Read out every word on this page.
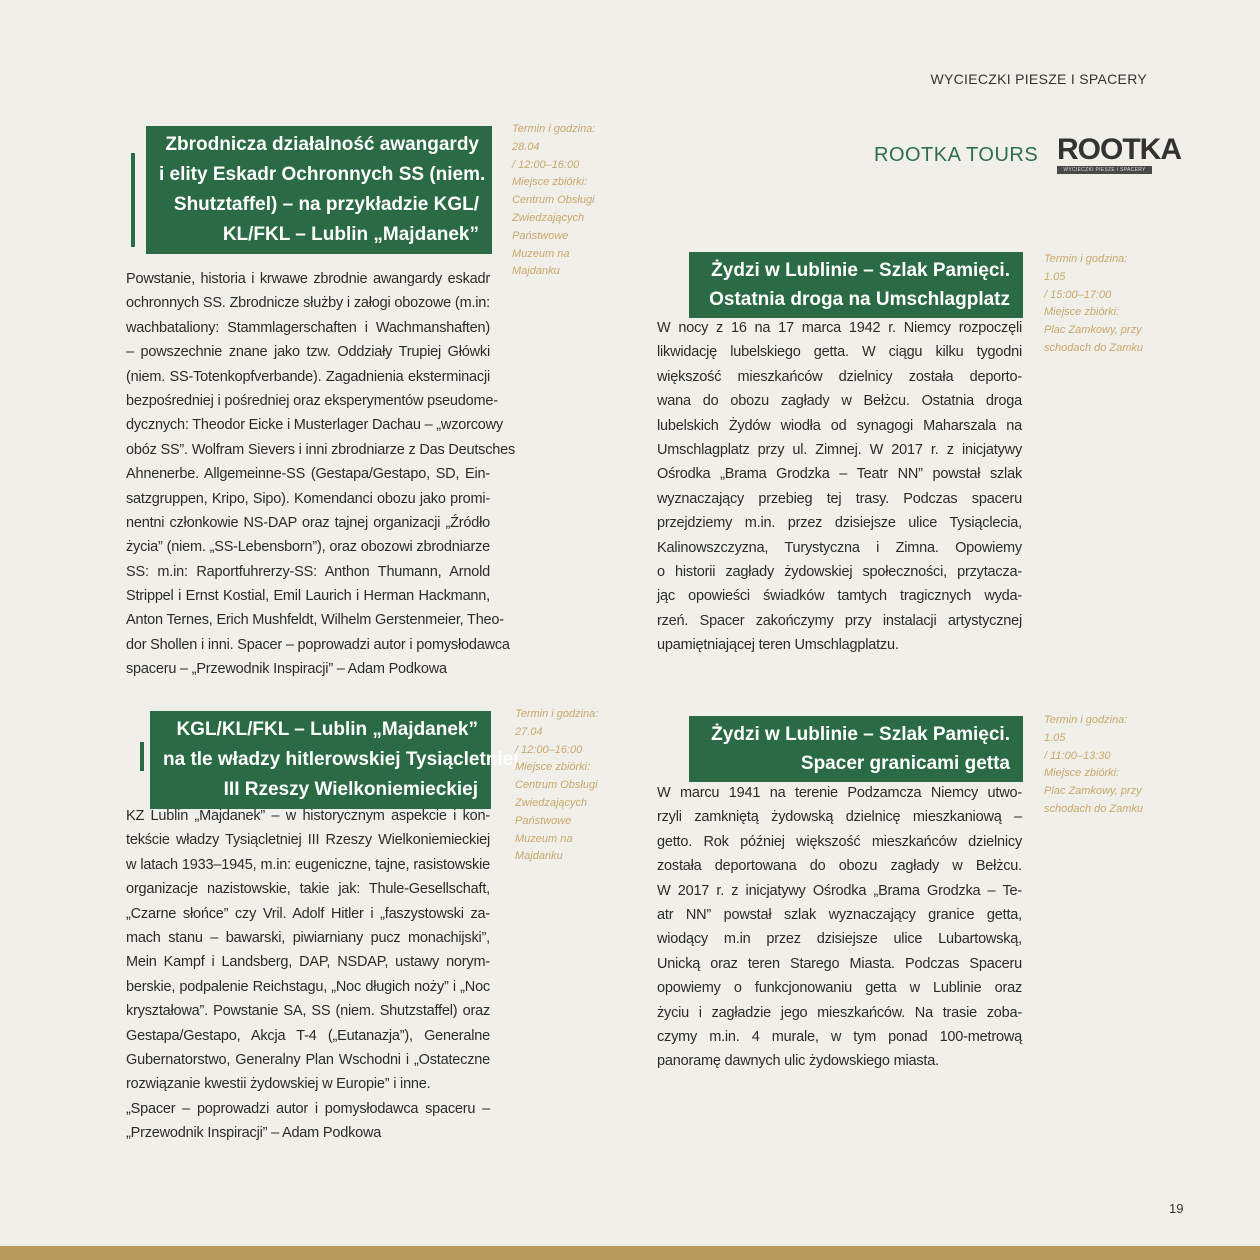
WYCIECZKI PIESZE I SPACERY
ROOTKA TOURS ROOTKA
WYCIECZKI PIESZE I SPACERY
Zbrodnicza działalność awangardy
i elity Eskadr Ochronnych SS (niem.
Shutztaffel) – na przykładzie KGL/
KL/FKL – Lublin „Majdanek”
Termin i godzina:
28.04
/ 12:00–16:00
Miejsce zbiórki:
Centrum Obsługi
Zwiedzających
Państwowe
Muzeum na
Majdanku
Powstanie, historia i krwawe zbrodnie awangardy eskadr
ochronnych SS. Zbrodnicze służby i załogi obozowe (m.in:
wachbataliony: Stammlagerschaften i Wachmanshaften)
– powszechnie znane jako tzw. Oddziały Trupiej Główki
(niem. SS-Totenkopfverbande). Zagadnienia eksterminacji
bezpośredniej i pośredniej oraz eksperymentów pseudome-
dycznych: Theodor Eicke i Musterlager Dachau – „wzorcowy
obóz SS”. Wolfram Sievers i inni zbrodniarze z Das Deutsches
Ahnenerbe. Allgemeinne-SS (Gestapa/Gestapo, SD, Ein-
satzgruppen, Kripo, Sipo). Komendanci obozu jako promi-
nentni członkowie NS-DAP oraz tajnej organizacji „Źródło
życia” (niem. „SS-Lebensborn”), oraz obozowi zbrodniarze
SS: m.in: Raportfuhrerzy-SS: Anthon Thumann, Arnold
Strippel i Ernst Kostial, Emil Laurich i Herman Hackmann,
Anton Ternes, Erich Mushfeldt, Wilhelm Gerstenmeier, Theo-
dor Shollen i inni. Spacer – poprowadzi autor i pomysłodawca
spaceru – „Przewodnik Inspiracji” – Adam Podkowa
KGL/KL/FKL – Lublin „Majdanek”
na tle władzy hitlerowskiej Tysiącletniej
III Rzeszy Wielkoniemieckiej
Termin i godzina:
27.04
/ 12:00–16:00
Miejsce zbiórki:
Centrum Obsługi
Zwiedzających
Państwowe
Muzeum na
Majdanku
KZ Lublin „Majdanek” – w historycznym aspekcie i kon-
tekście władzy Tysiącletniej III Rzeszy Wielkoniemieckiej
w latach 1933–1945, m.in: eugeniczne, tajne, rasistowskie
organizacje nazistowskie, takie jak: Thule-Gesellschaft,
„Czarne słońce” czy Vril. Adolf Hitler i „faszystowski za-
mach stanu – bawarski, piwiarniany pucz monachijski”,
Mein Kampf i Landsberg, DAP, NSDAP, ustawy norym-
berskie, podpalenie Reichstagu, „Noc długich noży” i „Noc
kryształowa”. Powstanie SA, SS (niem. Shutzstaffel) oraz
Gestapa/Gestapo, Akcja T-4 („Eutanazja”), Generalne
Gubernatorstwo, Generalny Plan Wschodni i „Ostateczne
rozwiązanie kwestii żydowskiej w Europie” i inne.
„Spacer – poprowadzi autor i pomysłodawca spaceru –
„Przewodnik Inspiracji” – Adam Podkowa
Żydzi w Lublinie – Szlak Pamięci.
Ostatnia droga na Umschlagplatz
Termin i godzina:
1.05
/ 15:00–17:00
Miejsce zbiórki:
Plac Zamkowy, przy
schodach do Zamku
W nocy z 16 na 17 marca 1942 r. Niemcy rozpoczęli
likwidację lubelskiego getta. W ciągu kilku tygodni
większość mieszkańców dzielnicy została deporto-
wana do obozu zagłady w Bełżcu. Ostatnia droga
lubelskich Żydów wiodła od synagogi Maharszala na
Umschlagplatz przy ul. Zimnej. W 2017 r. z inicjatywy
Ośrodka „Brama Grodzka – Teatr NN” powstał szlak
wyznaczający przebieg tej trasy. Podczas spaceru
przejdziemy m.in. przez dzisiejsze ulice Tysiąclecia,
Kalinowszczyzna, Turystyczna i Zimna. Opowiemy
o historii zagłady żydowskiej społeczności, przytacza-
jąc opowieści świadków tamtych tragicznych wyda-
rzeń. Spacer zakończymy przy instalacji artystycznej
upamiętniającej teren Umschlagplatzu.
Żydzi w Lublinie – Szlak Pamięci.
Spacer granicami getta
Termin i godzina:
1.05
/ 11:00–13:30
Miejsce zbiórki:
Plac Zamkowy, przy
schodach do Zamku
W marcu 1941 na terenie Podzamcza Niemcy utwo-
rzyli zamkniętą żydowską dzielnicę mieszkaniową –
getto. Rok później większość mieszkańców dzielnicy
została deportowana do obozu zagłady w Bełżcu.
W 2017 r. z inicjatywy Ośrodka „Brama Grodzka – Te-
atr NN” powstał szlak wyznaczający granice getta,
wiodący m.in przez dzisiejsze ulice Lubartowską,
Unicką oraz teren Starego Miasta. Podczas Spaceru
opowiemy o funkcjonowaniu getta w Lublinie oraz
życiu i zagładzie jego mieszkańców. Na trasie zoba-
czymy m.in. 4 murale, w tym ponad 100-metrową
panoramę dawnych ulic żydowskiego miasta.
19
